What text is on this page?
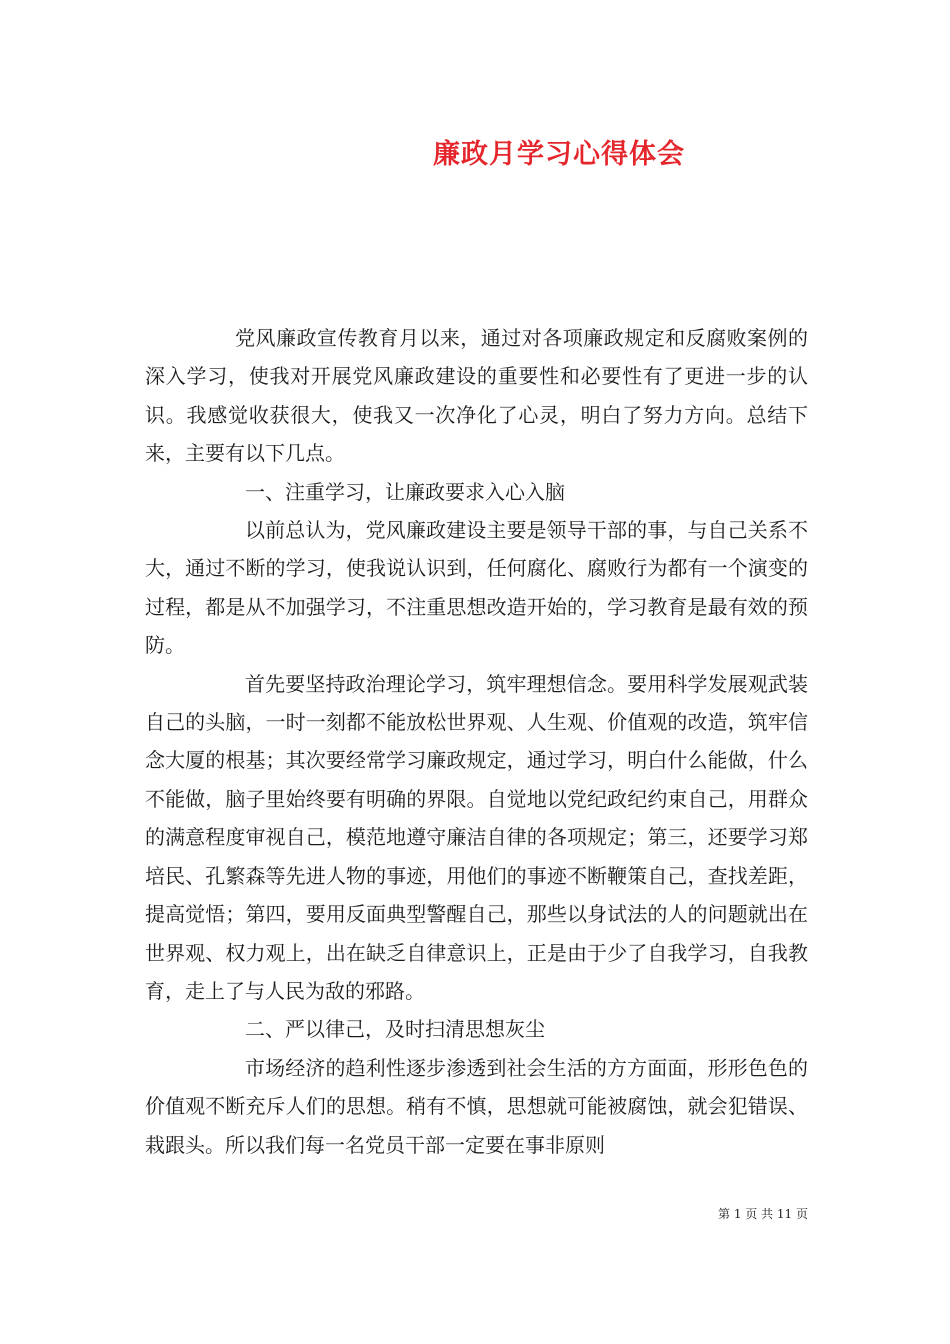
廉政月学习心得体会

党风廉政宣传教育月以来，通过对各项廉政规定和反腐败案例的深入学习，使我对开展党风廉政建设的重要性和必要性有了更进一步的认识。我感觉收获很大，使我又一次净化了心灵，明白了努力方向。总结下来，主要有以下几点。

一、注重学习，让廉政要求入心入脑

以前总认为，党风廉政建设主要是领导干部的事，与自己关系不大，通过不断的学习，使我说认识到，任何腐化、腐败行为都有一个演变的过程，都是从不加强学习，不注重思想改造开始的，学习教育是最有效的预防。

首先要坚持政治理论学习，筑牢理想信念。要用科学发展观武装自己的头脑，一时一刻都不能放松世界观、人生观、价值观的改造，筑牢信念大厦的根基；其次要经常学习廉政规定，通过学习，明白什么能做，什么不能做，脑子里始终要有明确的界限。自觉地以党纪政纪约束自己，用群众的满意程度审视自己，模范地遵守廉洁自律的各项规定；第三，还要学习郑培民、孔繁森等先进人物的事迹，用他们的事迹不断鞭策自己，查找差距，提高觉悟；第四，要用反面典型警醒自己，那些以身试法的人的问题就出在世界观、权力观上，出在缺乏自律意识上，正是由于少了自我学习，自我教育，走上了与人民为敌的邪路。

二、严以律己，及时扫清思想灰尘

市场经济的趋利性逐步渗透到社会生活的方方面面，形形色色的价值观不断充斥人们的思想。稍有不慎，思想就可能被腐蚀，就会犯错误、栽跟头。所以我们每一名党员干部一定要在事非原则

第 1 页 共 11 页
